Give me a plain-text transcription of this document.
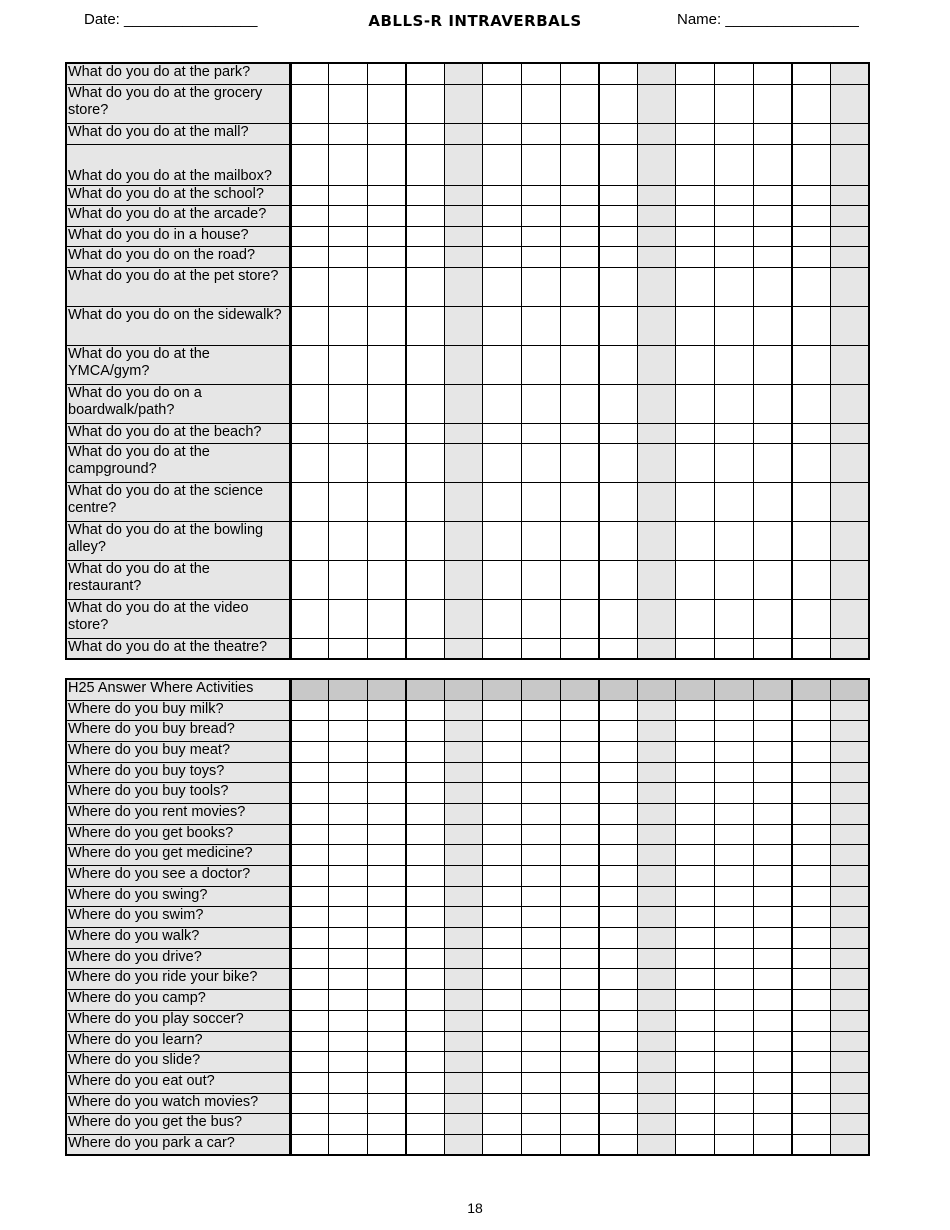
Date: ________________	ABLLS-R INTRAVERBALS	Name: ________________
What do you do at the park?															
What do you do at the grocery store?															
What do you do at the mall?															
What do you do at the mailbox?															
What do you do at the school?															
What do you do at the arcade?															
What do you do in a house?															
What do you do on the road?															
What do you do at the pet store?															
What do you do on the sidewalk?															
What do you do at the YMCA/gym?															
What do you do on a boardwalk/path?															
What do you do at the beach?															
What do you do at the campground?															
What do you do at the science centre?															
What do you do at the bowling alley?															
What do you do at the restaurant?															
What do you do at the video store?															
What do you do at the theatre?															
H25 Answer Where Activities															
Where do you buy milk?															
Where do you buy bread?															
Where do you buy meat?															
Where do you buy toys?															
Where do you buy tools?															
Where do you rent movies?															
Where do you get books?															
Where do you get medicine?															
Where do you see a doctor?															
Where do you swing?															
Where do you swim?															
Where do you walk?															
Where do you drive?															
Where do you ride your bike?															
Where do you camp?															
Where do you play soccer?															
Where do you learn?															
Where do you slide?															
Where do you eat out?															
Where do you watch movies?															
Where do you get the bus?															
Where do you park a car?															
18
